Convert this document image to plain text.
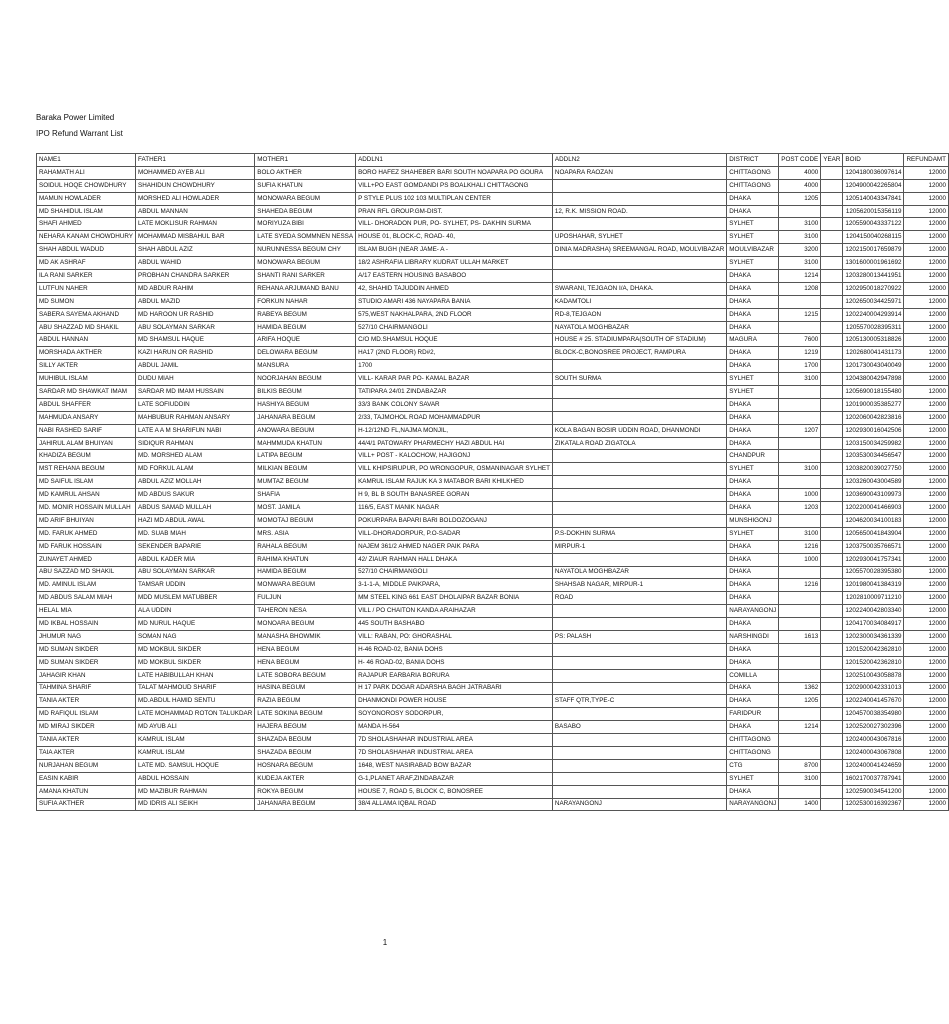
Baraka Power Limited
IPO Refund Warrant List
NAME1	FATHER1	MOTHER1	ADDLN1	ADDLN2	DISTRICT	POST CODE	YEAR	BOID	REFUNDAMT
RAHAMATH ALI	MOHAMMED AYEB ALI	BOLO AKTHER	BORO HAFEZ SHAHEBER BARI SOUTH NOAPARA PO GOURA	NOAPARA RAOZAN	CHITTAGONG	4000		1204180036097614	12000
SOIDUL HOQE CHOWDHURY	SHAHIDUN CHOWDHURY	SUFIA KHATUN	VILL+PO EAST GOMDANDI PS BOALKHALI CHITTAGONG		CHITTAGONG	4000		1204900042265804	12000
MAMUN HOWLADER	MORSHED ALI HOWLADER	MONOWARA BEGUM	P STYLE PLUS 102 103 MULTIPLAN CENTER		DHAKA	1205		1205140043347841	12000
MD SHAHIDUL ISLAM	ABDUL MANNAN	SHAHEDA BEGUM	PRAN RFL GROUP.GM-DIST.	12, R.K. MISSION ROAD.	DHAKA			1205620015356119	12000
SHAFI AHMED	LATE MOKLISUR RAHMAN	MORIYUZA BIBI	VILL- DHORADON PUR, PO- SYLHET, PS- DAKHIN SURMA		SYLHET	3100		1205590043337122	12000
NEHARA KANAM CHOWDHURY	MOHAMMAD MISBAHUL BAR	LATE SYEDA SOMMNEN NESSA	HOUSE 01, BLOCK-C, ROAD- 40,	UPOSHAHAR, SYLHET	SYLHET	3100		1204150040268115	12000
SHAH ABDUL WADUD	SHAH ABDUL AZIZ	NURUNNESSA BEGUM CHY	ISLAM BUGH (NEAR JAME- A -	DINIA MADRASHA) SREEMANGAL ROAD, MOULVIBAZAR	MOULVIBAZAR	3200		1202150017659879	12000
MD AK ASHRAF	ABDUL WAHID	MONOWARA BEGUM	18/2 ASHRAFIA LIBRARY KUDRAT ULLAH MARKET		SYLHET	3100		1301600001961692	12000
ILA RANI SARKER	PROBHAN CHANDRA SARKER	SHANTI RANI SARKER	A/17 EASTERN HOUSING BASABOO		DHAKA	1214		1203280013441951	12000
LUTFUN NAHER	MD ABDUR RAHIM	REHANA ARJUMAND BANU	42, SHAHID TAJUDDIN AHMED	SWARANI, TEJGAON I/A, DHAKA.	DHAKA	1208		1202950018270922	12000
MD SUMON	ABDUL MAZID	FORKUN NAHAR	STUDIO AMARI 436 NAYAPARA BANIA	KADAMTOLI	DHAKA			1202650034425971	12000
SABERA SAYEMA AKHAND	MD HAROON UR RASHID	RABEYA BEGUM	575,WEST NAKHALPARA, 2ND FLOOR	RD-8,TEJGAON	DHAKA	1215		1202240004293914	12000
ABU SHAZZAD MD SHAKIL	ABU SOLAYMAN SARKAR	HAMIDA BEGUM	527/10 CHAIRMANGOLI	NAYATOLA MOGHBAZAR	DHAKA			1205570028395311	12000
ABDUL HANNAN	MD SHAMSUL HAQUE	ARIFA HOQUE	C/O MD.SHAMSUL HOQUE	HOUSE # 25. STADIUMPARA(SOUTH OF STADIUM)	MAGURA	7600		1205130005318826	12000
MORSHADA AKTHER	KAZI HARUN OR RASHID	DELOWARA BEGUM	HA17 (2ND FLOOR) RD#2,	BLOCK-C,BONOSREE PROJECT, RAMPURA	DHAKA	1219		1202680041431173	12000
SILLY AKTER	ABDUL JAMIL	MANSURA	1700		DHAKA	1700		1201730043040049	12000
MUHIBUL ISLAM	DUDU MIAH	NOORJAHAN BEGUM	VILL- KARAR PAR PO- KAMAL BAZAR	SOUTH SURMA	SYLHET	3100		1204380042947898	12000
SARDAR MD SHAWKAT IMAM	SARDAR MD IMAM HUSSAIN	BILKIS BEGUM	TATIPARA 24/01 ZINDABAZAR		SYLHET			1205690018155480	12000
ABDUL SHAFFER	LATE SOFIUDDIN	HASHIYA BEGUM	33/3 BANK COLONY SAVAR		DHAKA			1201900035385277	12000
MAHMUDA ANSARY	MAHBUBUR RAHMAN ANSARY	JAHANARA BEGUM	2/33, TAJMOHOL ROAD MOHAMMADPUR		DHAKA			1202060042823816	12000
NABI RASHED SARIF	LATE A A M SHARIFUN NABI	ANOWARA BEGUM	H-12/12ND FL,NAJMA MONJIL,	KOLA BAGAN BOSIR UDDIN ROAD, DHANMONDI	DHAKA	1207		1202930016042506	12000
JAHIRUL ALAM BHUIYAN	SIDIQUR RAHMAN	MAHMMUDA KHATUN	44/4/1 PATOWARY PHARMECHY HAZI ABDUL HAI	ZIKATALA ROAD ZIGATOLA	DHAKA			1203150034259982	12000
KHADIZA BEGUM	MD. MORSHED ALAM	LATIPA BEGUM	VILL+ POST - KALOCHOW, HAJIGONJ		CHANDPUR			1203530034456547	12000
MST REHANA BEGUM	MD FORKUL ALAM	MILKIAN BEGUM	VILL KHIPSIRUPUR, PO WRONGOPUR, OSMANINAGAR SYLHET		SYLHET	3100		1203820039027750	12000
MD SAIFUL ISLAM	ABDUL AZIZ MOLLAH	MUMTAZ BEGUM	KAMRUL ISLAM RAJUK KA 3 MATABOR BARI KHILKHED		DHAKA			1203260043004589	12000
MD KAMRUL AHSAN	MD ABDUS SAKUR	SHAFIA	H 9, BL B SOUTH BANASREE GORAN		DHAKA	1000		1203690043109973	12000
MD. MONIR HOSSAIN MULLAH	ABDUS SAMAD MULLAH	MOST. JAMILA	116/5, EAST MANIK NAGAR		DHAKA	1203		1202200041466903	12000
MD ARIF BHUIYAN	HAZI MD ABDUL AWAL	MOMOTAJ BEGUM	POKURPARA BAPARI BARI BOLDOZOGANJ		MUNSHIGONJ			1204620034100183	12000
MD. FARUK AHMED	MD. SUAB MIAH	MRS. ASIA	VILL-DHORADORPUR, P.O-SADAR	P.S-DOKHIN SURMA	SYLHET	3100		1205650041843904	12000
MD FARUK HOSSAIN	SEKENDER BAPARIE	RAHALA BEGUM	NAJEM 361/2 AHMED NAGER PAIK PARA	MIRPUR-1	DHAKA	1216		1203750035766571	12000
ZUNAYET AHMED	ABDUL KADER MIA	RAHIMA KHATUN	42/ ZIAUR RAHMAN HALL DHAKA		DHAKA	1000		1202930041757341	12000
ABU SAZZAD MD SHAKIL	ABU SOLAYMAN SARKAR	HAMIDA BEGUM	527/10 CHAIRMANGOLI	NAYATOLA MOGHBAZAR	DHAKA			1205570028395380	12000
MD. AMINUL ISLAM	TAMSAR UDDIN	MONWARA BEGUM	3-1-1-A, MIDDLE PAIKPARA,	SHAHSAB NAGAR, MIRPUR-1	DHAKA	1216		1201980041384319	12000
MD ABDUS SALAM MIAH	MDD MUSLEM MATUBBER	FULJUN	MM STEEL KING 661 EAST DHOLAIPAR BAZAR BONIA	ROAD	DHAKA			1202810009711210	12000
HELAL MIA	ALA UDDIN	TAHERON NESA	VILL / PO CHAITON KANDA ARAIHAZAR		NARAYANGONJ			1202240042803340	12000
MD IKBAL HOSSAIN	MD NURUL HAQUE	MONOARA BEGUM	445 SOUTH BASHABO		DHAKA			1204170034084917	12000
JHUMUR NAG	SOMAN NAG	MANASHA BHOWMIK	VILL: RABAN, PO: GHORASHAL	PS: PALASH	NARSHINGDI	1613		1202300034361339	12000
MD SUMAN SIKDER	MD MOKBUL SIKDER	HENA BEGUM	H-46 ROAD-02, BANIA DOHS		DHAKA			1201520042362810	12000
MD SUMAN SIKDER	MD MOKBUL SIKDER	HENA BEGUM	H- 46 ROAD-02, BANIA DOHS		DHAKA			1201520042362810	12000
JAHAGIR KHAN	LATE HABIBULLAH KHAN	LATE SOBORA BEGUM	RAJAPUR EARBARIA BORURA		COMILLA			1202510043058878	12000
TAHMINA SHARIF	TALAT MAHMOUD SHARIF	HASINA BEGUM	H 17 PARK DOGAR ADARSHA BAGH JATRABARI		DHAKA	1362		1202900042331013	12000
TANIA AKTER	MD.ABDUL HAMID SENTU	RAZIA BEGUM	DHANMONDI POWER HOUSE	STAFF QTR,TYPE-C	DHAKA	1205		1202240041457670	12000
MD RAFIQUL ISLAM	LATE MOHAMMAD ROTON TALUKDAR	LATE SOKINA BEGUM	SOYONOROSY SODORPUR,		FARIDPUR			1204570038354980	12000
MD MIRAJ SIKDER	MD AYUB ALI	HAJERA BEGUM	MANDA H-564	BASABO	DHAKA	1214		1202520027302396	12000
TANIA AKTER	KAMRUL ISLAM	SHAZADA BEGUM	7D SHOLASHAHAR INDUSTRIAL AREA		CHITTAGONG			1202400043067816	12000
TAIA AKTER	KAMRUL ISLAM	SHAZADA BEGUM	7D SHOLASHAHAR INDUSTRIAL AREA		CHITTAGONG			1202400043067808	12000
NURJAHAN BEGUM	LATE MD. SAMSUL HOQUE	HOSNARA BEGUM	1648, WEST NASIRABAD BOW BAZAR		CTG	8700		1202400041424659	12000
EASIN KABIR	ABDUL HOSSAIN	KUDEJA AKTER	G-1,PLANET ARAF,ZINDABAZAR		SYLHET	3100		1602170037787941	12000
AMANA KHATUN	MD MAZIBUR RAHMAN	ROKYA BEGUM	HOUSE 7, ROAD 5, BLOCK C, BONOSREE		DHAKA			1202590034541200	12000
SUFIA AKTHER	MD IDRIS ALI SEIKH	JAHANARA BEGUM	38/4 ALLAMA IQBAL ROAD	NARAYANGONJ	NARAYANGONJ	1400		1202530016392367	12000
1
